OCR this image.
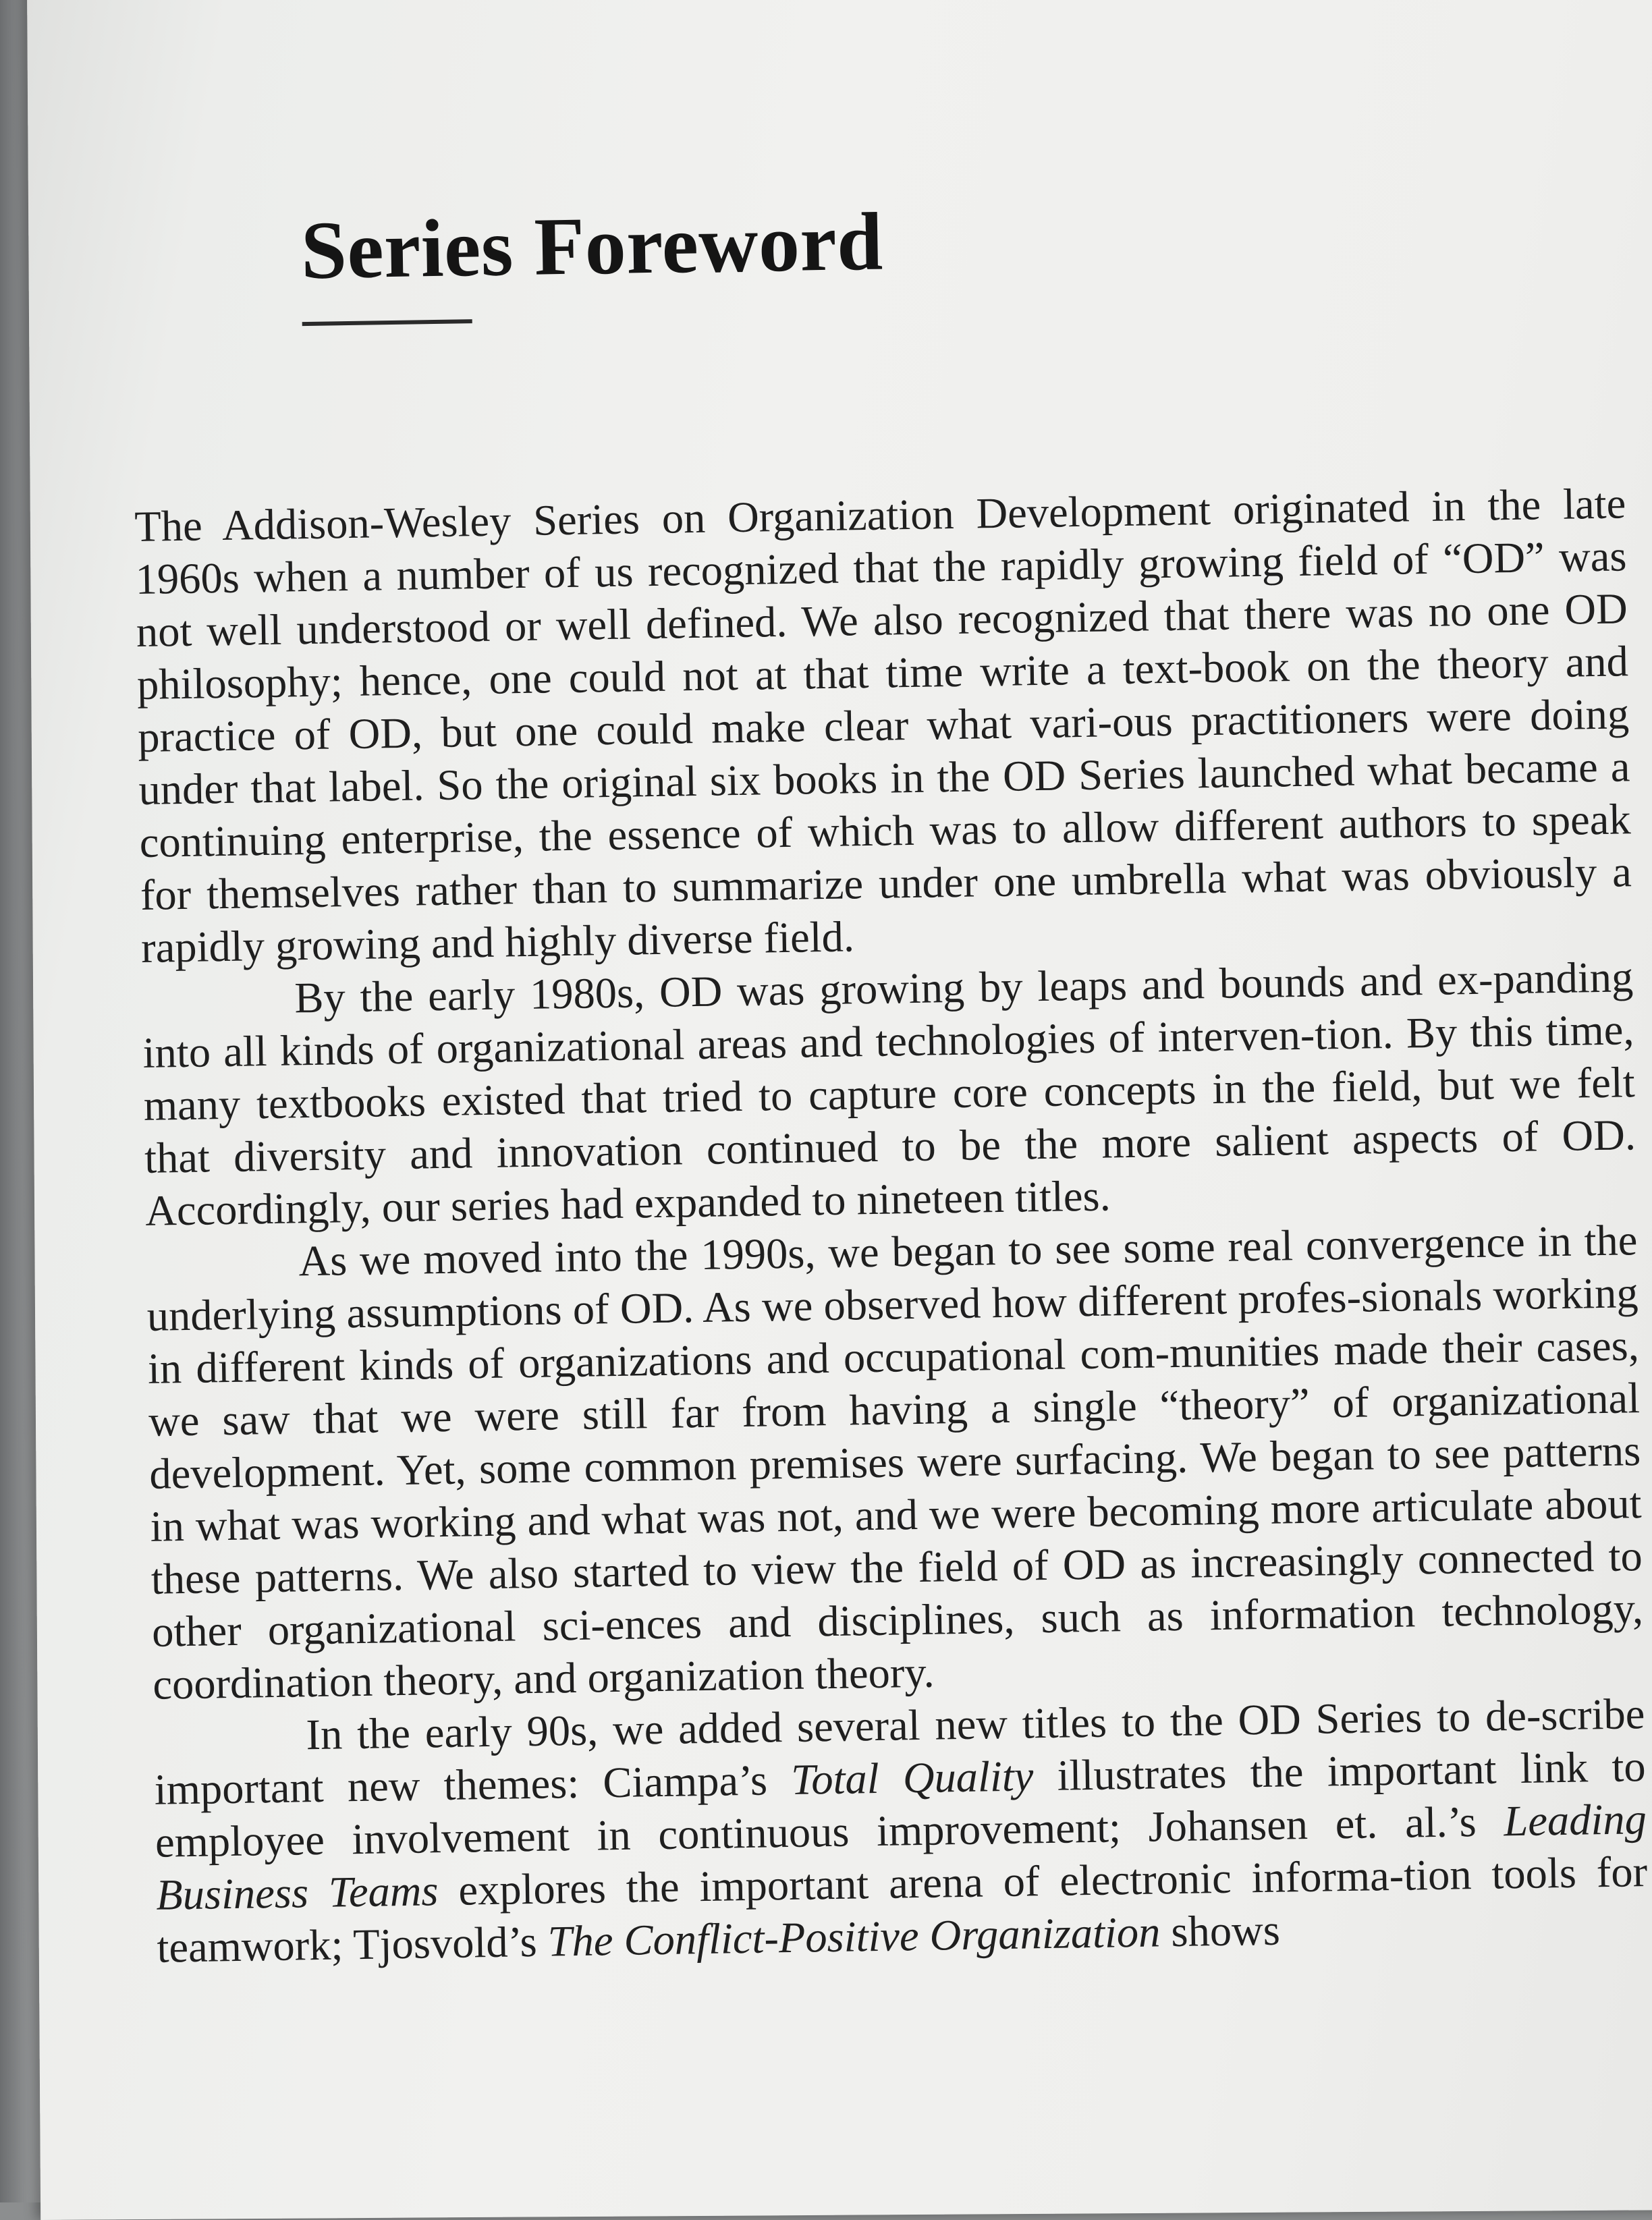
Series Foreword

The Addison-Wesley Series on Organization Development originated in the late 1960s when a number of us recognized that the rapidly growing field of “OD” was not well understood or well defined. We also recognized that there was no one OD philosophy; hence, one could not at that time write a text-book on the theory and practice of OD, but one could make clear what vari-ous practitioners were doing under that label. So the original six books in the OD Series launched what became a continuing enterprise, the essence of which was to allow different authors to speak for themselves rather than to summarize under one umbrella what was obviously a rapidly growing and highly diverse field.

By the early 1980s, OD was growing by leaps and bounds and ex-panding into all kinds of organizational areas and technologies of interven-tion. By this time, many textbooks existed that tried to capture core concepts in the field, but we felt that diversity and innovation continued to be the more salient aspects of OD. Accordingly, our series had expanded to nineteen titles.

As we moved into the 1990s, we began to see some real convergence in the underlying assumptions of OD. As we observed how different profes-sionals working in different kinds of organizations and occupational com-munities made their cases, we saw that we were still far from having a single “theory” of organizational development. Yet, some common premises were surfacing. We began to see patterns in what was working and what was not, and we were becoming more articulate about these patterns. We also started to view the field of OD as increasingly connected to other organizational sci-ences and disciplines, such as information technology, coordination theory, and organization theory.

In the early 90s, we added several new titles to the OD Series to de-scribe important new themes: Ciampa’s Total Quality illustrates the important link to employee involvement in continuous improvement; Johansen et. al.’s Leading Business Teams explores the important arena of electronic informa-tion tools for teamwork; Tjosvold’s The Conflict-Positive Organization shows
